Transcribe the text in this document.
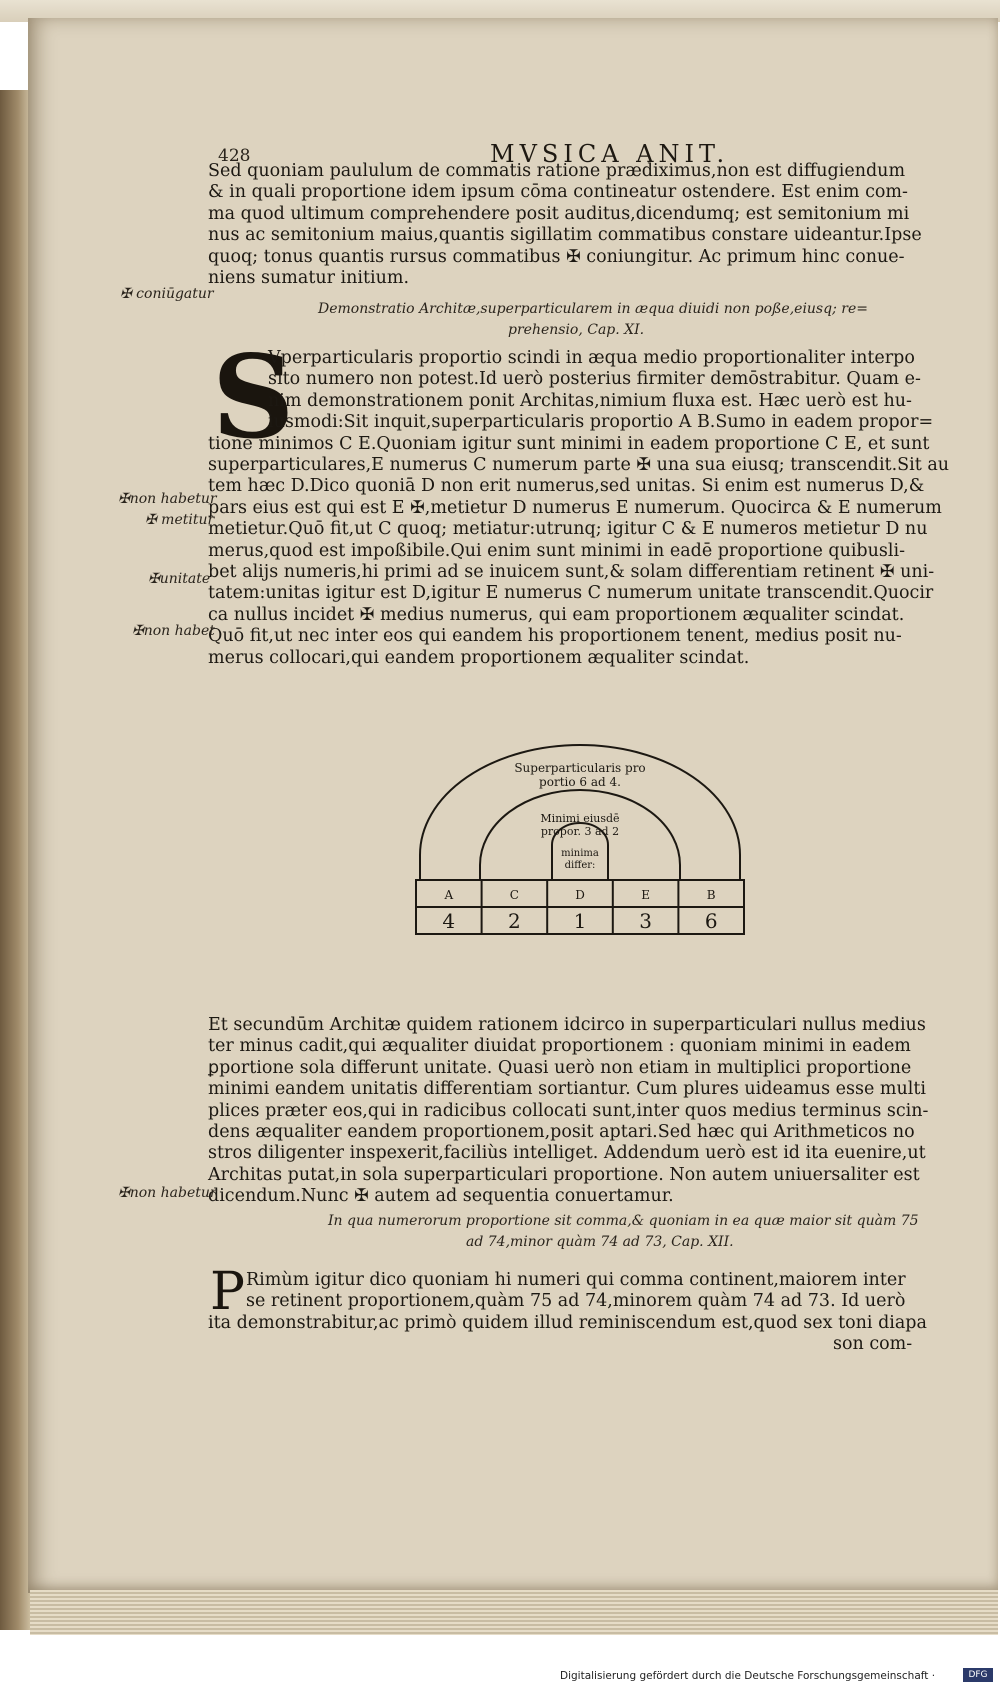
428	MVSICA ANIT.
Sed quoniam paululum de commatis ratione prædiximus,non est diffugiendum
& in quali proportione idem ipsum cōma contineatur ostendere. Est enim com-
ma quod ultimum comprehendere posit auditus,dicendumq; est semitonium mi
nus ac semitonium maius,quantis sigillatim commatibus constare uideantur.Ipse
quoq; tonus quantis rursus commatibus ✠ coniungitur. Ac primum hinc conue-
niens sumatur initium.
✠ coniūgatur
Demonstratio Architæ,superparticularem in æqua diuidi non poße,eiusq; re=
prehensio, Cap. XI.
S
Vperparticularis proportio scindi in æqua medio proportionaliter interpo
sito numero non potest.Id uerò posterius firmiter demōstrabitur. Quam e-
nim demonstrationem ponit Architas,nimium fluxa est. Hæc uerò est hu-
iusmodi:Sit inquit,superparticularis proportio A B.Sumo in eadem propor=
tione minimos C E.Quoniam igitur sunt minimi in eadem proportione C E, et sunt
superparticulares,E numerus C numerum parte ✠ una sua eiusq; transcendit.Sit au
tem hæc D.Dico quoniā D non erit numerus,sed unitas. Si enim est numerus D,&
pars eius est qui est E ✠,metietur D numerus E numerum. Quocirca & E numerum
metietur.Quō fit,ut C quoq; metiatur:utrunq; igitur C & E numeros metietur D nu
merus,quod est impoßibile.Qui enim sunt minimi in eadē proportione quibusli-
bet alijs numeris,hi primi ad se inuicem sunt,& solam differentiam retinent ✠ uni-
tatem:unitas igitur est D,igitur E numerus C numerum unitate transcendit.Quocir
ca nullus incidet ✠ medius numerus, qui eam proportionem æqualiter scindat.
Quō fit,ut nec inter eos qui eandem his proportionem tenent, medius posit nu-
merus collocari,qui eandem proportionem æqualiter scindat.
✠non habetur
✠ metitur
✠unitate
✠non habet
Superparticularis pro
portio 6 ad 4.
Minimi eiusdē
propor. 3 ad 2
minima
differ:
A	C	D	E	B
4	2	1	3	6
Et secundūm Architæ quidem rationem idcirco in superparticulari nullus medius
ter minus cadit,qui æqualiter diuidat proportionem : quoniam minimi in eadem
ꝑportione sola differunt unitate. Quasi uerò non etiam in multiplici proportione
minimi eandem unitatis differentiam sortiantur. Cum plures uideamus esse multi
plices præter eos,qui in radicibus collocati sunt,inter quos medius terminus scin-
dens æqualiter eandem proportionem,posit aptari.Sed hæc qui Arithmeticos no
stros diligenter inspexerit,faciliùs intelliget. Addendum uerò est id ita euenire,ut
Architas putat,in sola superparticulari proportione. Non autem uniuersaliter est
dicendum.Nunc ✠ autem ad sequentia conuertamur.
✠non habetur
In qua numerorum proportione sit comma,& quoniam in ea quæ maior sit quàm 75
ad 74,minor quàm 74 ad 73, Cap. XII.
P Rimùm igitur dico quoniam hi numeri qui comma continent,maiorem inter
se retinent proportionem,quàm 75 ad 74,minorem quàm 74 ad 73. Id uerò
ita demonstrabitur,ac primò quidem illud reminiscendum est,quod sex toni diapa
son com-
Digitalisierung gefördert durch die Deutsche Forschungsgemeinschaft ·	DFG
